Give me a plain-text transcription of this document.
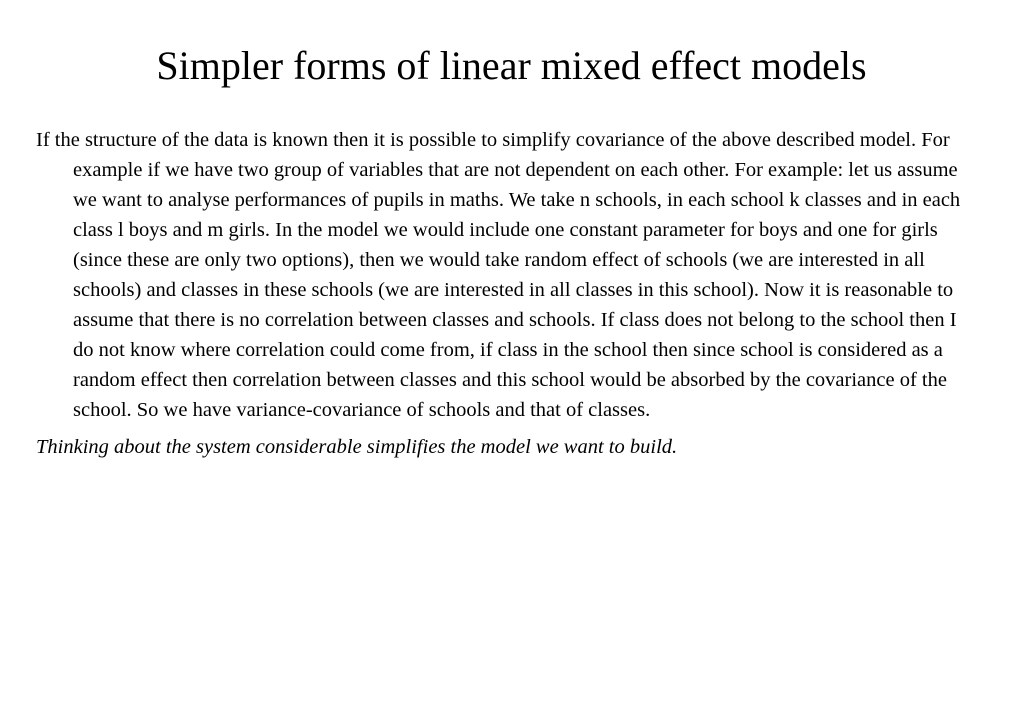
Simpler forms of linear mixed effect models

If the structure of the data is known then it is possible to simplify covariance of the above described model. For example if we have two group of variables that are not dependent on each other. For example: let us assume we want to analyse performances of pupils in maths. We take n schools, in each school k classes and in each class l boys and m girls. In the model we would include one constant parameter for boys and one for girls (since these are only two options), then we would take random effect of schools (we are interested in all schools) and classes in these schools (we are interested in all classes in this school). Now it is reasonable to assume that there is no correlation between classes and schools. If class does not belong to the school then I do not know where correlation could come from, if class in the school then since school is considered as a random effect then correlation between classes and this school would be absorbed by the covariance of the school. So we have variance-covariance of schools and that of classes.

Thinking about the system considerable simplifies the model we want to build.
